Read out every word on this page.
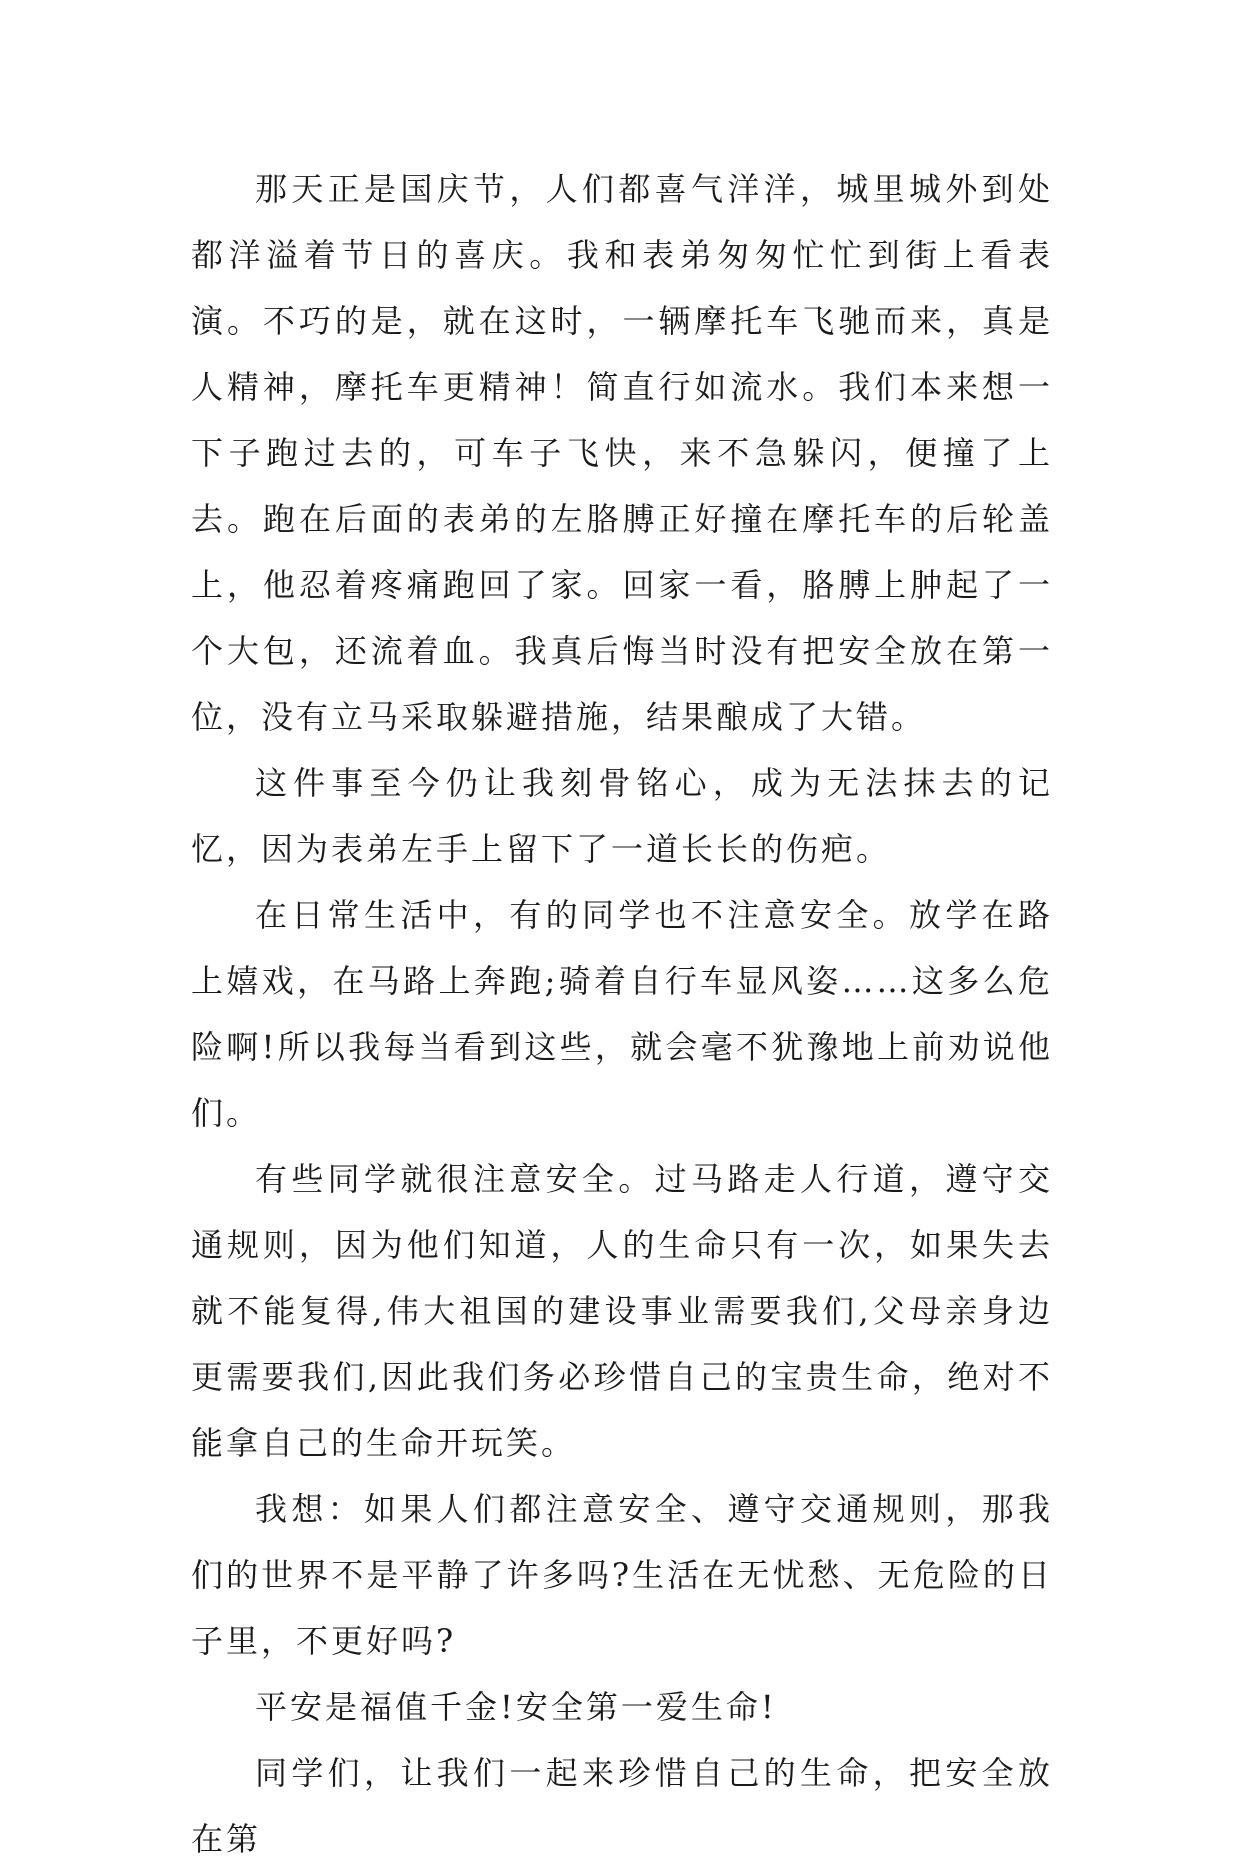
那天正是国庆节，人们都喜气洋洋，城里城外到处都洋溢着节日的喜庆。我和表弟匆匆忙忙到街上看表演。不巧的是，就在这时，一辆摩托车飞驰而来，真是人精神，摩托车更精神！简直行如流水。我们本来想一下子跑过去的，可车子飞快，来不急躲闪，便撞了上去。跑在后面的表弟的左胳膊正好撞在摩托车的后轮盖上，他忍着疼痛跑回了家。回家一看，胳膊上肿起了一个大包，还流着血。我真后悔当时没有把安全放在第一位，没有立马采取躲避措施，结果酿成了大错。

这件事至今仍让我刻骨铭心，成为无法抹去的记忆，因为表弟左手上留下了一道长长的伤疤。

在日常生活中，有的同学也不注意安全。放学在路上嬉戏，在马路上奔跑;骑着自行车显风姿……这多么危险啊!所以我每当看到这些，就会毫不犹豫地上前劝说他们。

有些同学就很注意安全。过马路走人行道，遵守交通规则，因为他们知道，人的生命只有一次，如果失去就不能复得,伟大祖国的建设事业需要我们,父母亲身边更需要我们,因此我们务必珍惜自己的宝贵生命，绝对不能拿自己的生命开玩笑。

我想：如果人们都注意安全、遵守交通规则，那我们的世界不是平静了许多吗?生活在无忧愁、无危险的日子里，不更好吗?

平安是福值千金!安全第一爱生命!

同学们，让我们一起来珍惜自己的生命，把安全放在第
